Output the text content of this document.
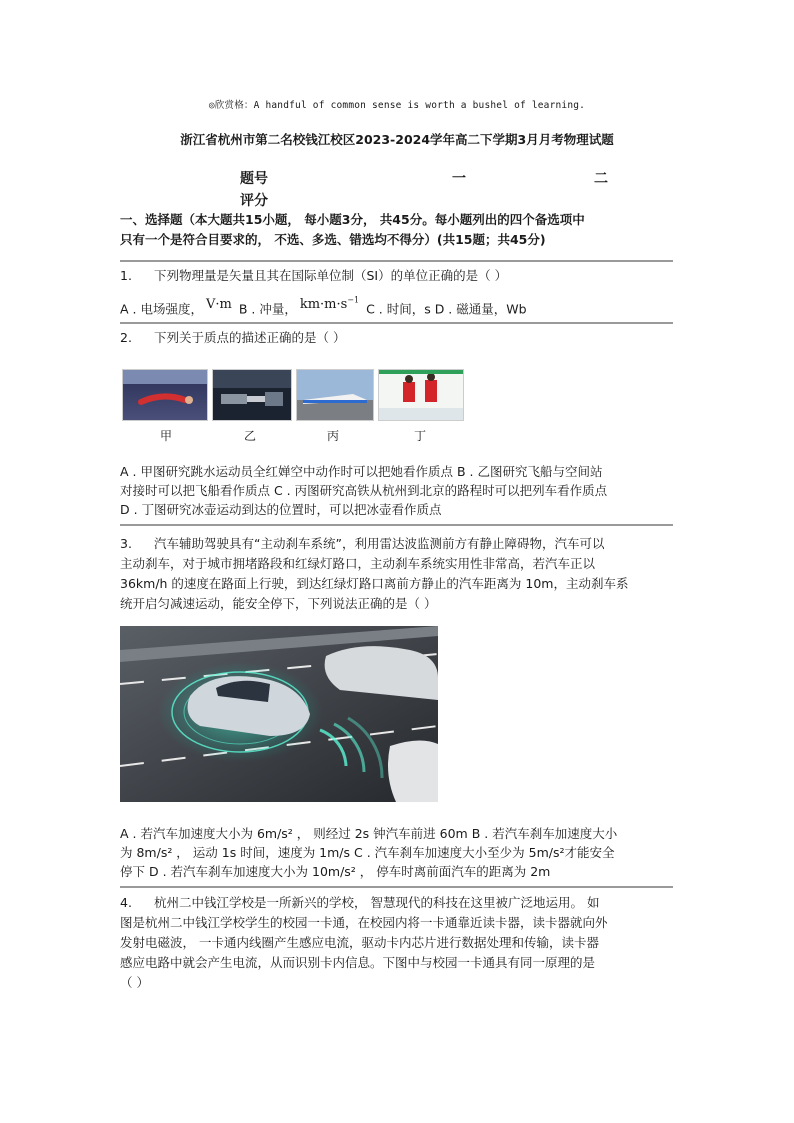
◎欣赏格：A handful of common sense is worth a bushel of learning.
浙江省杭州市第二名校钱江校区2023-2024学年高二下学期3月月考物理试题
题号	一	二
评分
一、选择题（本大题共15小题， 每小题3分， 共45分。每小题列出的四个备选项中
只有一个是符合目要求的， 不选、多选、错选均不得分）(共15题；共45分)
1. 下列物理量是矢量且其在国际单位制（SI）的单位正确的是（ ）
A . 电场强度， V·m B . 冲量， $km\cdot m\cdot s^{-1}$ C . 时间，s D . 磁通量，Wb
2. 下列关于质点的描述正确的是（ ）
甲	乙	丙	丁
A . 甲图研究跳水运动员全红婵空中动作时可以把她看作质点 B . 乙图研究飞船与空间站
对接时可以把飞船看作质点 C . 丙图研究高铁从杭州到北京的路程时可以把列车看作质点
D . 丁图研究冰壶运动到达的位置时，可以把冰壶看作质点
3. 汽车辅助驾驶具有“主动刹车系统”，利用雷达波监测前方有静止障碍物，汽车可以
主动刹车，对于城市拥堵路段和红绿灯路口，主动刹车系统实用性非常高，若汽车正以
36km/h 的速度在路面上行驶，到达红绿灯路口离前方静止的汽车距离为 10m，主动刹车系
统开启匀减速运动，能安全停下，下列说法正确的是（ ）
A . 若汽车加速度大小为 6m/s² ， 则经过 2s 钟汽车前进 60m B . 若汽车刹车加速度大小
为 8m/s² ， 运动 1s 时间，速度为 1m/s C . 汽车刹车加速度大小至少为 5m/s²才能安全
停下 D . 若汽车刹车加速度大小为 10m/s² ， 停车时离前面汽车的距离为 2m
4. 杭州二中钱江学校是一所新兴的学校， 智慧现代的科技在这里被广泛地运用。 如
图是杭州二中钱江学校学生的校园一卡通，在校园内将一卡通靠近读卡器，读卡器就向外
发射电磁波， 一卡通内线圈产生感应电流，驱动卡内芯片进行数据处理和传输，读卡器
感应电路中就会产生电流，从而识别卡内信息。下图中与校园一卡通具有同一原理的是
（ ）
